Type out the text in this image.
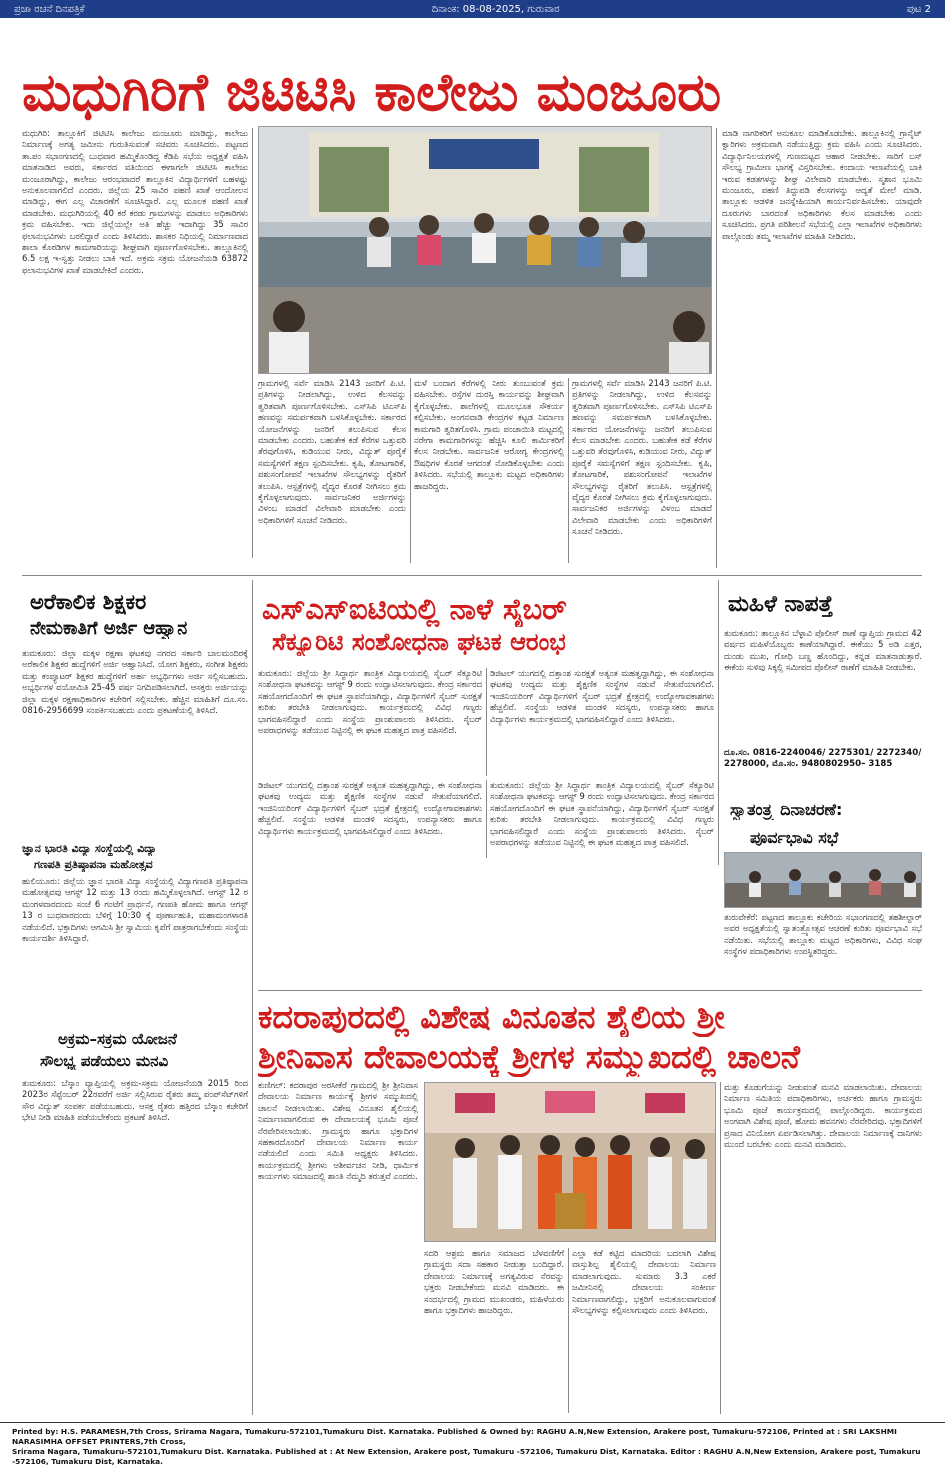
ಪ್ರಜಾ ರಚನೆ ದಿನಪತ್ರಿಕೆ	ದಿನಾಂಕ: 08-08-2025, ಗುರುವಾರ	ಪುಟ 2
ಮಧುಗಿರಿಗೆ ಜಿಟಿಟಿಸಿ ಕಾಲೇಜು ಮಂಜೂರು
ಮಧುಗಿರಿ: ತಾಲ್ಲೂಕಿಗೆ ಜಿಟಿಟಿಸಿ ಕಾಲೇಜು ಮಂಜೂರು ಮಾಡಿದ್ದು, ಕಾಲೇಜು ನಿರ್ಮಾಣಕ್ಕೆ ಅಗತ್ಯ ಜಮೀನು ಗುರುತಿಸುವಂತೆ ಸಚಿವರು ಸೂಚಿಸಿದರು. ಪಟ್ಟಣದ ತಾ.ಪಂ ಸಭಾಂಗಣದಲ್ಲಿ ಬುಧವಾರ ಹಮ್ಮಿಕೊಂಡಿದ್ದ ಕೆಡಿಪಿ ಸಭೆಯ ಅಧ್ಯಕ್ಷತೆ ವಹಿಸಿ ಮಾತನಾಡಿದ ಅವರು, ಸರ್ಕಾರದ ವತಿಯಿಂದ ಈಗಾಗಲೇ ಜಿಟಿಟಿಸಿ ಕಾಲೇಜು ಮಂಜೂರಾಗಿದ್ದು, ಕಾಲೇಜು ಆರಂಭವಾದರೆ ತಾಲ್ಲೂಕಿನ ವಿದ್ಯಾರ್ಥಿಗಳಿಗೆ ಬಹಳಷ್ಟು ಅನುಕೂಲವಾಗಲಿದೆ ಎಂದರು. ಜಿಲ್ಲೆಯ 25 ಸಾವಿರ ಪಹಣಿ ಖಾತೆ ಆಂದೋಲನ ಮಾಡಿದ್ದು, ಈಗ ಎಲ್ಲ ವಿಚಾರಣೆಗೆ ಸೂಚಿಸಿದ್ದಾರೆ. ಎಲ್ಲ ಮೂಲಕ ಪಹಣಿ ಖಾತೆ ಮಾಡಬೇಕು. ಮಧುಗಿರಿಯಲ್ಲಿ 40 ಕರೆ ಕರಡು ಗ್ರಾಮಗಳನ್ನು ಮಾಡಲು ಅಧಿಕಾರಿಗಳು ಕ್ರಮ ವಹಿಸಬೇಕು. ಇದು ಜಿಲ್ಲೆಯಲ್ಲೇ ಅತಿ ಹೆಚ್ಚು ಇದಾಗಿದ್ದು 35 ಸಾವಿರ ಫಲಾನುಭವಿಗಳು ಬರಲಿದ್ದಾರೆ ಎಂದು ತಿಳಿಸಿದರು. ಶಾಸಕರ ನಿಧಿಯಲ್ಲಿ ನಿರ್ಮಾಣವಾದ ಶಾಲಾ ಕೊಠಡಿಗಳ ಕಾಮಗಾರಿಯನ್ನು ಶೀಘ್ರವಾಗಿ ಪೂರ್ಣಗೊಳಿಸಬೇಕು. ತಾಲ್ಲೂಕಿನಲ್ಲಿ 6.5 ಲಕ್ಷ ಇ-ಸ್ವತ್ತು ನೀಡಲು ಬಾಕಿ ಇದೆ. ಅಕ್ರಮ ಸಕ್ರಮ ಯೋಜನೆಯಡಿ 63872 ಫಲಾನುಭವಿಗಳ ಖಾತೆ ಮಾಡಬೇಕಿದೆ ಎಂದರು.
ಗ್ರಾಮಗಳಲ್ಲಿ ಸರ್ವೆ ಮಾಡಿಸಿ 2143 ಜನರಿಗೆ ಪಿ.ಟಿ. ಪ್ರತಿಗಳನ್ನು ನೀಡಲಾಗಿದ್ದು, ಉಳಿದ ಕೆಲಸವನ್ನು ತ್ವರಿತವಾಗಿ ಪೂರ್ಣಗೊಳಿಸಬೇಕು. ಎಸ್‌ಸಿಪಿ ಟಿಎಸ್‌ಪಿ ಹಣವನ್ನು ಸಮರ್ಪಕವಾಗಿ ಬಳಸಿಕೊಳ್ಳಬೇಕು. ಸರ್ಕಾರದ ಯೋಜನೆಗಳನ್ನು ಜನರಿಗೆ ತಲುಪಿಸುವ ಕೆಲಸ ಮಾಡಬೇಕು ಎಂದರು. ಬಹುತೇಕ ಕಡೆ ಕೆರೆಗಳ ಒತ್ತುವರಿ ತೆರವುಗೊಳಿಸಿ, ಕುಡಿಯುವ ನೀರು, ವಿದ್ಯುತ್ ಪೂರೈಕೆ ಸಮಸ್ಯೆಗಳಿಗೆ ತಕ್ಷಣ ಸ್ಪಂದಿಸಬೇಕು. ಕೃಷಿ, ತೋಟಗಾರಿಕೆ, ಪಶುಸಂಗೋಪನೆ ಇಲಾಖೆಗಳ ಸೌಲಭ್ಯಗಳನ್ನು ರೈತರಿಗೆ ತಲುಪಿಸಿ. ಆಸ್ಪತ್ರೆಗಳಲ್ಲಿ ವೈದ್ಯರ ಕೊರತೆ ನೀಗಿಸಲು ಕ್ರಮ ಕೈಗೊಳ್ಳಲಾಗುವುದು. ಸಾರ್ವಜನಿಕರ ಅರ್ಜಿಗಳನ್ನು ವಿಳಂಬ ಮಾಡದೆ ವಿಲೇವಾರಿ ಮಾಡಬೇಕು ಎಂದು ಅಧಿಕಾರಿಗಳಿಗೆ ಸೂಚನೆ ನೀಡಿದರು.
ಮಳೆ ಬಂದಾಗ ಕೆರೆಗಳಲ್ಲಿ ನೀರು ತುಂಬುವಂತೆ ಕ್ರಮ ವಹಿಸಬೇಕು. ರಸ್ತೆಗಳ ದುರಸ್ತಿ ಕಾರ್ಯವನ್ನು ಶೀಘ್ರವಾಗಿ ಕೈಗೊಳ್ಳಬೇಕು. ಶಾಲೆಗಳಲ್ಲಿ ಮೂಲಭೂತ ಸೌಕರ್ಯ ಕಲ್ಪಿಸಬೇಕು. ಅಂಗನವಾಡಿ ಕೇಂದ್ರಗಳ ಕಟ್ಟಡ ನಿರ್ಮಾಣ ಕಾಮಗಾರಿ ತ್ವರಿತಗೊಳಿಸಿ. ಗ್ರಾಮ ಪಂಚಾಯಿತಿ ಮಟ್ಟದಲ್ಲಿ ನರೇಗಾ ಕಾಮಗಾರಿಗಳನ್ನು ಹೆಚ್ಚಿಸಿ ಕೂಲಿ ಕಾರ್ಮಿಕರಿಗೆ ಕೆಲಸ ನೀಡಬೇಕು. ಸಾರ್ವಜನಿಕ ಆರೋಗ್ಯ ಕೇಂದ್ರಗಳಲ್ಲಿ ಔಷಧಿಗಳ ಕೊರತೆ ಆಗದಂತೆ ನೋಡಿಕೊಳ್ಳಬೇಕು ಎಂದು ತಿಳಿಸಿದರು. ಸಭೆಯಲ್ಲಿ ತಾಲ್ಲೂಕು ಮಟ್ಟದ ಅಧಿಕಾರಿಗಳು ಹಾಜರಿದ್ದರು.
ಗ್ರಾಮಗಳಲ್ಲಿ ಸರ್ವೆ ಮಾಡಿಸಿ 2143 ಜನರಿಗೆ ಪಿ.ಟಿ. ಪ್ರತಿಗಳನ್ನು ನೀಡಲಾಗಿದ್ದು, ಉಳಿದ ಕೆಲಸವನ್ನು ತ್ವರಿತವಾಗಿ ಪೂರ್ಣಗೊಳಿಸಬೇಕು. ಎಸ್‌ಸಿಪಿ ಟಿಎಸ್‌ಪಿ ಹಣವನ್ನು ಸಮರ್ಪಕವಾಗಿ ಬಳಸಿಕೊಳ್ಳಬೇಕು. ಸರ್ಕಾರದ ಯೋಜನೆಗಳನ್ನು ಜನರಿಗೆ ತಲುಪಿಸುವ ಕೆಲಸ ಮಾಡಬೇಕು ಎಂದರು. ಬಹುತೇಕ ಕಡೆ ಕೆರೆಗಳ ಒತ್ತುವರಿ ತೆರವುಗೊಳಿಸಿ, ಕುಡಿಯುವ ನೀರು, ವಿದ್ಯುತ್ ಪೂರೈಕೆ ಸಮಸ್ಯೆಗಳಿಗೆ ತಕ್ಷಣ ಸ್ಪಂದಿಸಬೇಕು. ಕೃಷಿ, ತೋಟಗಾರಿಕೆ, ಪಶುಸಂಗೋಪನೆ ಇಲಾಖೆಗಳ ಸೌಲಭ್ಯಗಳನ್ನು ರೈತರಿಗೆ ತಲುಪಿಸಿ. ಆಸ್ಪತ್ರೆಗಳಲ್ಲಿ ವೈದ್ಯರ ಕೊರತೆ ನೀಗಿಸಲು ಕ್ರಮ ಕೈಗೊಳ್ಳಲಾಗುವುದು. ಸಾರ್ವಜನಿಕರ ಅರ್ಜಿಗಳನ್ನು ವಿಳಂಬ ಮಾಡದೆ ವಿಲೇವಾರಿ ಮಾಡಬೇಕು ಎಂದು ಅಧಿಕಾರಿಗಳಿಗೆ ಸೂಚನೆ ನೀಡಿದರು.
ಮಾಡಿ ನಾಗರಿಕರಿಗೆ ಅನುಕೂಲ ಮಾಡಿಕೊಡಬೇಕು. ತಾಲ್ಲೂಕಿನಲ್ಲಿ ಗ್ರಾನೈಟ್ ಕ್ವಾರಿಗಳು ಅಕ್ರಮವಾಗಿ ನಡೆಯುತ್ತಿದ್ದು ಕ್ರಮ ವಹಿಸಿ ಎಂದು ಸೂಚಿಸಿದರು. ವಿದ್ಯಾರ್ಥಿನಿಲಯಗಳಲ್ಲಿ ಗುಣಮಟ್ಟದ ಆಹಾರ ನೀಡಬೇಕು. ಸಾರಿಗೆ ಬಸ್ ಸೌಲಭ್ಯ ಗ್ರಾಮೀಣ ಭಾಗಕ್ಕೆ ವಿಸ್ತರಿಸಬೇಕು. ಕಂದಾಯ ಇಲಾಖೆಯಲ್ಲಿ ಬಾಕಿ ಇರುವ ಕಡತಗಳನ್ನು ಶೀಘ್ರ ವಿಲೇವಾರಿ ಮಾಡಬೇಕು. ಸ್ಮಶಾನ ಭೂಮಿ ಮಂಜೂರು, ಪಹಣಿ ತಿದ್ದುಪಡಿ ಕೆಲಸಗಳನ್ನು ಆದ್ಯತೆ ಮೇಲೆ ಮಾಡಿ. ತಾಲ್ಲೂಕು ಆಡಳಿತ ಜನಸ್ನೇಹಿಯಾಗಿ ಕಾರ್ಯನಿರ್ವಹಿಸಬೇಕು. ಯಾವುದೇ ದೂರುಗಳು ಬಾರದಂತೆ ಅಧಿಕಾರಿಗಳು ಕೆಲಸ ಮಾಡಬೇಕು ಎಂದು ಸೂಚಿಸಿದರು. ಪ್ರಗತಿ ಪರಿಶೀಲನೆ ಸಭೆಯಲ್ಲಿ ಎಲ್ಲಾ ಇಲಾಖೆಗಳ ಅಧಿಕಾರಿಗಳು ಪಾಲ್ಗೊಂಡು ತಮ್ಮ ಇಲಾಖೆಗಳ ಮಾಹಿತಿ ನೀಡಿದರು.
ಅರೆಕಾಲಿಕ ಶಿಕ್ಷಕರ
ನೇಮಕಾತಿಗೆ ಅರ್ಜಿ ಆಹ್ವಾನ
ತುಮಕೂರು: ಜಿಲ್ಲಾ ಮಕ್ಕಳ ರಕ್ಷಣಾ ಘಟಕವು ನಗರದ ಸರ್ಕಾರಿ ಬಾಲಮಂದಿರಕ್ಕೆ ಅರೆಕಾಲಿಕ ಶಿಕ್ಷಕರ ಹುದ್ದೆಗಳಿಗೆ ಅರ್ಜಿ ಆಹ್ವಾನಿಸಿದೆ. ಯೋಗ ಶಿಕ್ಷಕರು, ಸಂಗೀತ ಶಿಕ್ಷಕರು ಮತ್ತು ಕಂಪ್ಯೂಟರ್ ಶಿಕ್ಷಕರ ಹುದ್ದೆಗಳಿಗೆ ಅರ್ಹ ಅಭ್ಯರ್ಥಿಗಳು ಅರ್ಜಿ ಸಲ್ಲಿಸಬಹುದು. ಅಭ್ಯರ್ಥಿಗಳ ವಯೋಮಿತಿ 25-45 ವರ್ಷ ನಿಗದಿಪಡಿಸಲಾಗಿದೆ. ಆಸಕ್ತರು ಅರ್ಜಿಯನ್ನು ಜಿಲ್ಲಾ ಮಕ್ಕಳ ರಕ್ಷಣಾಧಿಕಾರಿಗಳ ಕಚೇರಿಗೆ ಸಲ್ಲಿಸಬೇಕು. ಹೆಚ್ಚಿನ ಮಾಹಿತಿಗೆ ದೂ.ಸಂ. 0816-2956699 ಸಂಪರ್ಕಿಸಬಹುದು ಎಂದು ಪ್ರಕಟಣೆಯಲ್ಲಿ ತಿಳಿಸಿದೆ.
ಜ್ಞಾನ ಭಾರತಿ ವಿದ್ಯಾ ಸಂಸ್ಥೆಯಲ್ಲಿ ವಿದ್ಯಾ
ಗಣಪತಿ ಪ್ರತಿಷ್ಠಾಪನಾ ಮಹೋತ್ಸವ
ಹುಲಿಯೂರು: ಜಿಲ್ಲೆಯ ಜ್ಞಾನ ಭಾರತಿ ವಿದ್ಯಾ ಸಂಸ್ಥೆಯಲ್ಲಿ ವಿದ್ಯಾಗಣಪತಿ ಪ್ರತಿಷ್ಠಾಪನಾ ಮಹೋತ್ಸವವು ಆಗಸ್ಟ್ 12 ಮತ್ತು 13 ರಂದು ಹಮ್ಮಿಕೊಳ್ಳಲಾಗಿದೆ. ಆಗಸ್ಟ್ 12 ರ ಮಂಗಳವಾರದಂದು ಸಂಜೆ 6 ಗಂಟೆಗೆ ಪ್ರಾರ್ಥನೆ, ಗಣಪತಿ ಹೋಮ ಹಾಗೂ ಆಗಸ್ಟ್ 13 ರ ಬುಧವಾರದಂದು ಬೆಳಿಗ್ಗೆ 10:30 ಕ್ಕೆ ಪೂರ್ಣಾಹುತಿ, ಮಹಾಮಂಗಳಾರತಿ ನಡೆಯಲಿದೆ. ಭಕ್ತಾದಿಗಳು ಆಗಮಿಸಿ ಶ್ರೀ ಸ್ವಾಮಿಯ ಕೃಪೆಗೆ ಪಾತ್ರರಾಗಬೇಕೆಂದು ಸಂಸ್ಥೆಯ ಕಾರ್ಯದರ್ಶಿ ತಿಳಿಸಿದ್ದಾರೆ.
ಅಕ್ರಮ–ಸಕ್ರಮ ಯೋಜನೆ
ಸೌಲಭ್ಯ ಪಡೆಯಲು ಮನವಿ
ತುಮಕೂರು: ಬೆಸ್ಕಾಂ ವ್ಯಾಪ್ತಿಯಲ್ಲಿ ಅಕ್ರಮ-ಸಕ್ರಮ ಯೋಜನೆಯಡಿ 2015 ರಿಂದ 2023ರ ಸೆಪ್ಟೆಂಬರ್ 22ರವರೆಗೆ ಅರ್ಜಿ ಸಲ್ಲಿಸಿರುವ ರೈತರು ತಮ್ಮ ಪಂಪ್‌ಸೆಟ್‌ಗಳಿಗೆ ಸೌರ ವಿದ್ಯುತ್ ಸಂಪರ್ಕ ಪಡೆಯಬಹುದು. ಆಸಕ್ತ ರೈತರು ಹತ್ತಿರದ ಬೆಸ್ಕಾಂ ಕಚೇರಿಗೆ ಭೇಟಿ ನೀಡಿ ಮಾಹಿತಿ ಪಡೆಯಬೇಕೆಂದು ಪ್ರಕಟಣೆ ತಿಳಿಸಿದೆ.
ಎಸ್‌ಎಸ್‌ಐಟಿಯಲ್ಲಿ ನಾಳೆ ಸೈಬರ್
ಸೆಕ್ಯೂರಿಟಿ ಸಂಶೋಧನಾ ಘಟಕ ಆರಂಭ
ತುಮಕೂರು: ಜಿಲ್ಲೆಯ ಶ್ರೀ ಸಿದ್ಧಾರ್ಥ ತಾಂತ್ರಿಕ ವಿದ್ಯಾಲಯದಲ್ಲಿ ಸೈಬರ್ ಸೆಕ್ಯೂರಿಟಿ ಸಂಶೋಧನಾ ಘಟಕವನ್ನು ಆಗಸ್ಟ್ 9 ರಂದು ಉದ್ಘಾಟಿಸಲಾಗುವುದು. ಕೇಂದ್ರ ಸರ್ಕಾರದ ಸಹಯೋಗದೊಂದಿಗೆ ಈ ಘಟಕ ಸ್ಥಾಪನೆಯಾಗಿದ್ದು, ವಿದ್ಯಾರ್ಥಿಗಳಿಗೆ ಸೈಬರ್ ಸುರಕ್ಷತೆ ಕುರಿತು ತರಬೇತಿ ನೀಡಲಾಗುವುದು. ಕಾರ್ಯಕ್ರಮದಲ್ಲಿ ವಿವಿಧ ಗಣ್ಯರು ಭಾಗವಹಿಸಲಿದ್ದಾರೆ ಎಂದು ಸಂಸ್ಥೆಯ ಪ್ರಾಂಶುಪಾಲರು ತಿಳಿಸಿದರು. ಸೈಬರ್ ಅಪರಾಧಗಳನ್ನು ತಡೆಯುವ ನಿಟ್ಟಿನಲ್ಲಿ ಈ ಘಟಕ ಮಹತ್ವದ ಪಾತ್ರ ವಹಿಸಲಿದೆ.
ಡಿಜಿಟಲ್ ಯುಗದಲ್ಲಿ ದತ್ತಾಂಶ ಸುರಕ್ಷತೆ ಅತ್ಯಂತ ಮಹತ್ವದ್ದಾಗಿದ್ದು, ಈ ಸಂಶೋಧನಾ ಘಟಕವು ಉದ್ಯಮ ಮತ್ತು ಶೈಕ್ಷಣಿಕ ಸಂಸ್ಥೆಗಳ ನಡುವೆ ಸೇತುವೆಯಾಗಲಿದೆ. ಇಂಜಿನಿಯರಿಂಗ್ ವಿದ್ಯಾರ್ಥಿಗಳಿಗೆ ಸೈಬರ್ ಭದ್ರತೆ ಕ್ಷೇತ್ರದಲ್ಲಿ ಉದ್ಯೋಗಾವಕಾಶಗಳು ಹೆಚ್ಚಲಿವೆ. ಸಂಸ್ಥೆಯ ಆಡಳಿತ ಮಂಡಳಿ ಸದಸ್ಯರು, ಉಪನ್ಯಾಸಕರು ಹಾಗೂ ವಿದ್ಯಾರ್ಥಿಗಳು ಕಾರ್ಯಕ್ರಮದಲ್ಲಿ ಭಾಗವಹಿಸಲಿದ್ದಾರೆ ಎಂದು ತಿಳಿಸಿದರು.
ಡಿಜಿಟಲ್ ಯುಗದಲ್ಲಿ ದತ್ತಾಂಶ ಸುರಕ್ಷತೆ ಅತ್ಯಂತ ಮಹತ್ವದ್ದಾಗಿದ್ದು, ಈ ಸಂಶೋಧನಾ ಘಟಕವು ಉದ್ಯಮ ಮತ್ತು ಶೈಕ್ಷಣಿಕ ಸಂಸ್ಥೆಗಳ ನಡುವೆ ಸೇತುವೆಯಾಗಲಿದೆ. ಇಂಜಿನಿಯರಿಂಗ್ ವಿದ್ಯಾರ್ಥಿಗಳಿಗೆ ಸೈಬರ್ ಭದ್ರತೆ ಕ್ಷೇತ್ರದಲ್ಲಿ ಉದ್ಯೋಗಾವಕಾಶಗಳು ಹೆಚ್ಚಲಿವೆ. ಸಂಸ್ಥೆಯ ಆಡಳಿತ ಮಂಡಳಿ ಸದಸ್ಯರು, ಉಪನ್ಯಾಸಕರು ಹಾಗೂ ವಿದ್ಯಾರ್ಥಿಗಳು ಕಾರ್ಯಕ್ರಮದಲ್ಲಿ ಭಾಗವಹಿಸಲಿದ್ದಾರೆ ಎಂದು ತಿಳಿಸಿದರು.
ತುಮಕೂರು: ಜಿಲ್ಲೆಯ ಶ್ರೀ ಸಿದ್ಧಾರ್ಥ ತಾಂತ್ರಿಕ ವಿದ್ಯಾಲಯದಲ್ಲಿ ಸೈಬರ್ ಸೆಕ್ಯೂರಿಟಿ ಸಂಶೋಧನಾ ಘಟಕವನ್ನು ಆಗಸ್ಟ್ 9 ರಂದು ಉದ್ಘಾಟಿಸಲಾಗುವುದು. ಕೇಂದ್ರ ಸರ್ಕಾರದ ಸಹಯೋಗದೊಂದಿಗೆ ಈ ಘಟಕ ಸ್ಥಾಪನೆಯಾಗಿದ್ದು, ವಿದ್ಯಾರ್ಥಿಗಳಿಗೆ ಸೈಬರ್ ಸುರಕ್ಷತೆ ಕುರಿತು ತರಬೇತಿ ನೀಡಲಾಗುವುದು. ಕಾರ್ಯಕ್ರಮದಲ್ಲಿ ವಿವಿಧ ಗಣ್ಯರು ಭಾಗವಹಿಸಲಿದ್ದಾರೆ ಎಂದು ಸಂಸ್ಥೆಯ ಪ್ರಾಂಶುಪಾಲರು ತಿಳಿಸಿದರು. ಸೈಬರ್ ಅಪರಾಧಗಳನ್ನು ತಡೆಯುವ ನಿಟ್ಟಿನಲ್ಲಿ ಈ ಘಟಕ ಮಹತ್ವದ ಪಾತ್ರ ವಹಿಸಲಿದೆ.
ಮಹಿಳೆ ನಾಪತ್ತೆ
ತುಮಕೂರು: ತಾಲ್ಲೂಕಿನ ಬೆಳ್ಳಾವಿ ಪೊಲೀಸ್ ಠಾಣೆ ವ್ಯಾಪ್ತಿಯ ಗ್ರಾಮದ 42 ವರ್ಷದ ಮಹಿಳೆಯೊಬ್ಬರು ಕಾಣೆಯಾಗಿದ್ದಾರೆ. ಈಕೆಯು 5 ಅಡಿ ಎತ್ತರ, ದುಂಡು ಮುಖ, ಗೋಧಿ ಬಣ್ಣ ಹೊಂದಿದ್ದು, ಕನ್ನಡ ಮಾತನಾಡುತ್ತಾರೆ. ಈಕೆಯ ಸುಳಿವು ಸಿಕ್ಕಲ್ಲಿ ಸಮೀಪದ ಪೊಲೀಸ್ ಠಾಣೆಗೆ ಮಾಹಿತಿ ನೀಡಬೇಕು.
ದೂ.ಸಂ. 0816-2240046/ 2275301/ 2272340/ 2278000, ಮೊ.ಸಂ. 9480802950– 3185
ಸ್ವಾತಂತ್ರ್ಯ ದಿನಾಚರಣೆ:
ಪೂರ್ವಭಾವಿ ಸಭೆ
ತುರುವೇಕೆರೆ: ಪಟ್ಟಣದ ತಾಲ್ಲೂಕು ಕಚೇರಿಯ ಸಭಾಂಗಣದಲ್ಲಿ ತಹಶೀಲ್ದಾರ್ ಅವರ ಅಧ್ಯಕ್ಷತೆಯಲ್ಲಿ ಸ್ವಾತಂತ್ರ್ಯೋತ್ಸವ ಆಚರಣೆ ಕುರಿತು ಪೂರ್ವಭಾವಿ ಸಭೆ ನಡೆಯಿತು. ಸಭೆಯಲ್ಲಿ ತಾಲ್ಲೂಕು ಮಟ್ಟದ ಅಧಿಕಾರಿಗಳು, ವಿವಿಧ ಸಂಘ ಸಂಸ್ಥೆಗಳ ಪದಾಧಿಕಾರಿಗಳು ಉಪಸ್ಥಿತರಿದ್ದರು.
ಕದರಾಪುರದಲ್ಲಿ ವಿಶೇಷ ವಿನೂತನ ಶೈಲಿಯ ಶ್ರೀ
ಶ್ರೀನಿವಾಸ ದೇವಾಲಯಕ್ಕೆ ಶ್ರೀಗಳ ಸಮ್ಮುಖದಲ್ಲಿ ಚಾಲನೆ
ಕುಣಿಗಲ್: ಕದರಾಪುರ ಅರಸೀಕೆರೆ ಗ್ರಾಮದಲ್ಲಿ ಶ್ರೀ ಶ್ರೀನಿವಾಸ ದೇವಾಲಯ ನಿರ್ಮಾಣ ಕಾರ್ಯಕ್ಕೆ ಶ್ರೀಗಳ ಸಮ್ಮುಖದಲ್ಲಿ ಚಾಲನೆ ನೀಡಲಾಯಿತು. ವಿಶೇಷ ವಿನೂತನ ಶೈಲಿಯಲ್ಲಿ ನಿರ್ಮಾಣವಾಗಲಿರುವ ಈ ದೇವಾಲಯಕ್ಕೆ ಭೂಮಿ ಪೂಜೆ ನೆರವೇರಿಸಲಾಯಿತು. ಗ್ರಾಮಸ್ಥರು ಹಾಗೂ ಭಕ್ತಾದಿಗಳ ಸಹಕಾರದೊಂದಿಗೆ ದೇವಾಲಯ ನಿರ್ಮಾಣ ಕಾರ್ಯ ನಡೆಯಲಿದೆ ಎಂದು ಸಮಿತಿ ಅಧ್ಯಕ್ಷರು ತಿಳಿಸಿದರು. ಕಾರ್ಯಕ್ರಮದಲ್ಲಿ ಶ್ರೀಗಳು ಆಶೀರ್ವಚನ ನೀಡಿ, ಧಾರ್ಮಿಕ ಕಾರ್ಯಗಳು ಸಮಾಜದಲ್ಲಿ ಶಾಂತಿ ನೆಮ್ಮದಿ ತರುತ್ತವೆ ಎಂದರು.
ಸದರಿ ಆಶ್ರಮ ಹಾಗೂ ಸಮಾಜದ ಬೆಳವಣಿಗೆಗೆ ಗ್ರಾಮಸ್ಥರು ಸದಾ ಸಹಕಾರ ನೀಡುತ್ತಾ ಬಂದಿದ್ದಾರೆ. ದೇವಾಲಯ ನಿರ್ಮಾಣಕ್ಕೆ ಅಗತ್ಯವಿರುವ ನೆರವನ್ನು ಭಕ್ತರು ನೀಡಬೇಕೆಂದು ಮನವಿ ಮಾಡಿದರು. ಈ ಸಂದರ್ಭದಲ್ಲಿ ಗ್ರಾಮದ ಮುಖಂಡರು, ಮಹಿಳೆಯರು ಹಾಗೂ ಭಕ್ತಾದಿಗಳು ಹಾಜರಿದ್ದರು.
ಎಲ್ಲಾ ಕಡೆ ಕಟ್ಟಿದ ಮಾದರಿಯ ಬದಲಾಗಿ ವಿಶೇಷ ವಾಸ್ತುಶಿಲ್ಪ ಶೈಲಿಯಲ್ಲಿ ದೇವಾಲಯ ನಿರ್ಮಾಣ ಮಾಡಲಾಗುವುದು. ಸುಮಾರು 3.3 ಎಕರೆ ಜಮೀನಿನಲ್ಲಿ ದೇವಾಲಯ ಸಂಕೀರ್ಣ ನಿರ್ಮಾಣವಾಗಲಿದ್ದು, ಭಕ್ತರಿಗೆ ಅನುಕೂಲವಾಗುವಂತೆ ಸೌಲಭ್ಯಗಳನ್ನು ಕಲ್ಪಿಸಲಾಗುವುದು ಎಂದು ತಿಳಿಸಿದರು.
ಮತ್ತು ಕೊಡುಗೆಯನ್ನು ನೀಡುವಂತೆ ಮನವಿ ಮಾಡಲಾಯಿತು. ದೇವಾಲಯ ನಿರ್ಮಾಣ ಸಮಿತಿಯ ಪದಾಧಿಕಾರಿಗಳು, ಅರ್ಚಕರು ಹಾಗೂ ಗ್ರಾಮಸ್ಥರು ಭೂಮಿ ಪೂಜೆ ಕಾರ್ಯಕ್ರಮದಲ್ಲಿ ಪಾಲ್ಗೊಂಡಿದ್ದರು. ಕಾರ್ಯಕ್ರಮದ ಅಂಗವಾಗಿ ವಿಶೇಷ ಪೂಜೆ, ಹೋಮ ಹವನಗಳು ನೆರವೇರಿದವು. ಭಕ್ತಾದಿಗಳಿಗೆ ಪ್ರಸಾದ ವಿನಿಯೋಗ ಏರ್ಪಡಿಸಲಾಗಿತ್ತು. ದೇವಾಲಯ ನಿರ್ಮಾಣಕ್ಕೆ ದಾನಿಗಳು ಮುಂದೆ ಬರಬೇಕು ಎಂದು ಮನವಿ ಮಾಡಿದರು.
Printed by: H.S. PARAMESH,7th Cross, Srirama Nagara, Tumakuru-572101,Tumakuru Dist. Karnataka. Published & Owned by: RAGHU A.N,New Extension, Arakere post, Tumakuru-572106, Printed at : SRI LAKSHMI NARASIMHA OFFSET PRINTERS,7th Cross,
Srirama Nagara, Tumakuru-572101,Tumakuru Dist. Karnataka. Published at : At New Extension, Arakere post, Tumakuru -572106, Tumakuru Dist, Karnataka. Editor : RAGHU A.N,New Extension, Arakere post, Tumakuru -572106, Tumakuru Dist, Karnataka.
